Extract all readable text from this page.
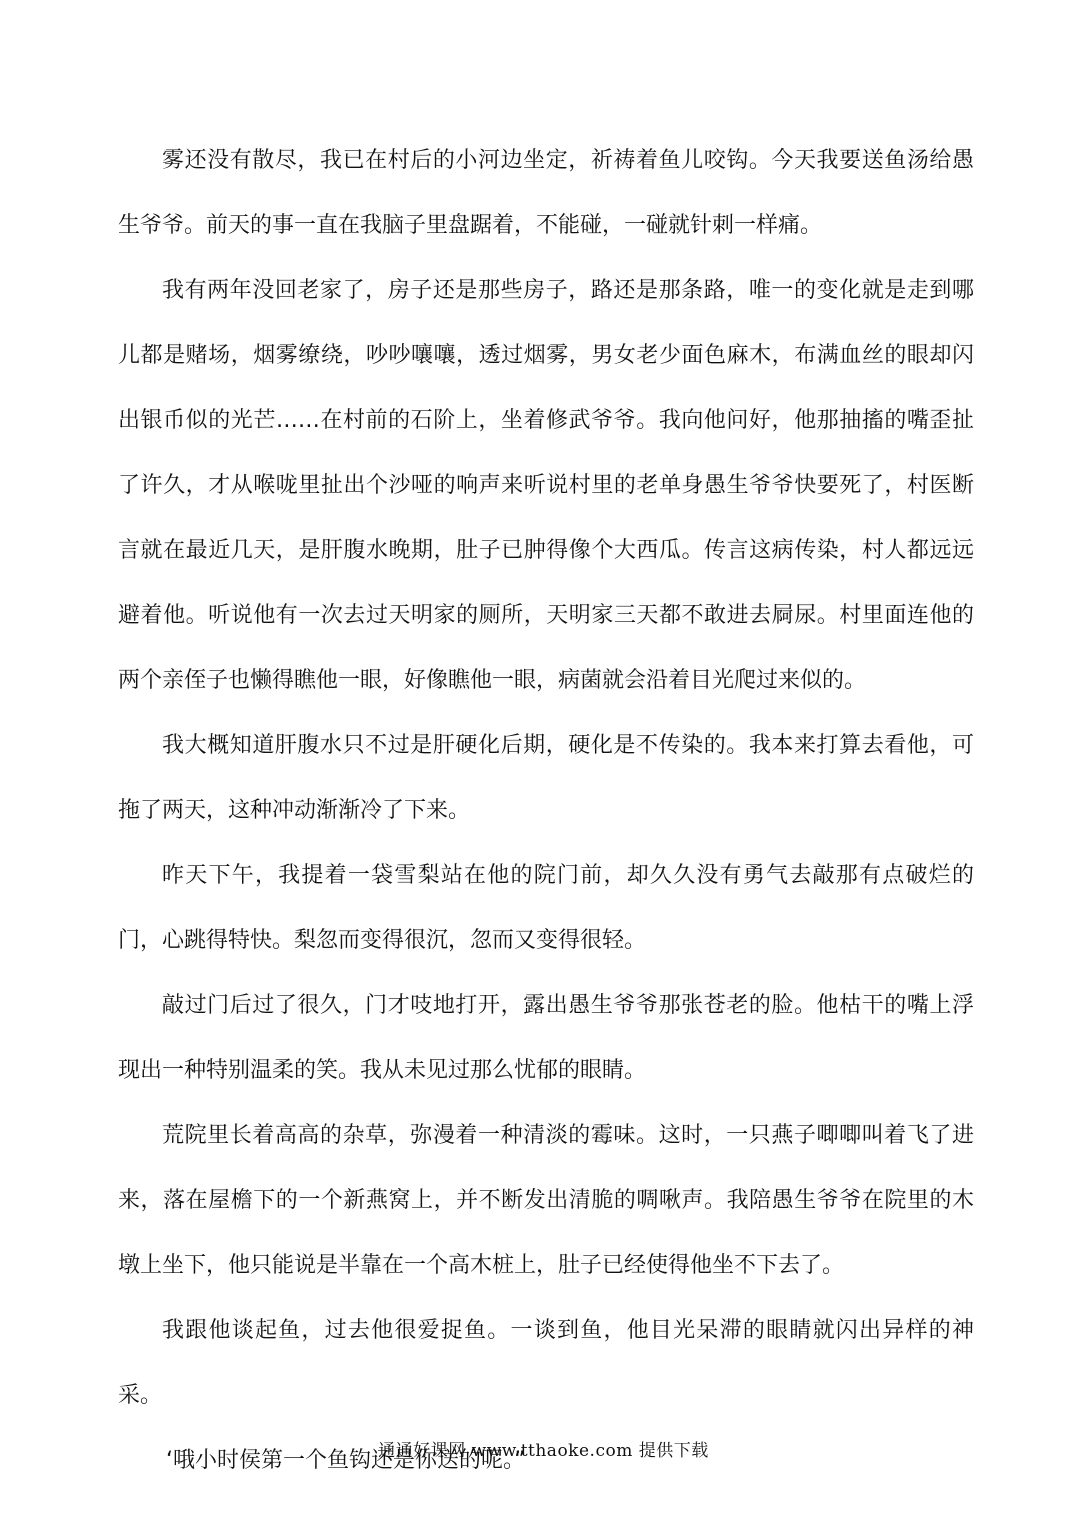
雾还没有散尽，我已在村后的小河边坐定，祈祷着鱼儿咬钩。今天我要送鱼汤给愚生爷爷。前天的事一直在我脑子里盘踞着，不能碰，一碰就针刺一样痛。

我有两年没回老家了，房子还是那些房子，路还是那条路，唯一的变化就是走到哪儿都是赌场，烟雾缭绕，吵吵嚷嚷，透过烟雾，男女老少面色麻木，布满血丝的眼却闪出银币似的光芒……在村前的石阶上，坐着修武爷爷。我向他问好，他那抽搐的嘴歪扯了许久，才从喉咙里扯出个沙哑的响声来听说村里的老单身愚生爷爷快要死了，村医断言就在最近几天，是肝腹水晚期，肚子已肿得像个大西瓜。传言这病传染，村人都远远避着他。听说他有一次去过天明家的厕所，天明家三天都不敢进去屙尿。村里面连他的两个亲侄子也懒得瞧他一眼，好像瞧他一眼，病菌就会沿着目光爬过来似的。

我大概知道肝腹水只不过是肝硬化后期，硬化是不传染的。我本来打算去看他，可拖了两天，这种冲动渐渐冷了下来。

昨天下午，我提着一袋雪梨站在他的院门前，却久久没有勇气去敲那有点破烂的门，心跳得特快。梨忽而变得很沉，忽而又变得很轻。

敲过门后过了很久，门才吱地打开，露出愚生爷爷那张苍老的脸。他枯干的嘴上浮现出一种特别温柔的笑。我从未见过那么忧郁的眼睛。

荒院里长着高高的杂草，弥漫着一种清淡的霉味。这时，一只燕子唧唧叫着飞了进来，落在屋檐下的一个新燕窝上，并不断发出清脆的啁啾声。我陪愚生爷爷在院里的木墩上坐下，他只能说是半靠在一个高木桩上，肚子已经使得他坐不下去了。

我跟他谈起鱼，过去他很爱捉鱼。一谈到鱼，他目光呆滞的眼睛就闪出异样的神采。

‘哦小时侯第一个鱼钩还是你送的呢。”

通通好课网 www.tthaoke.com 提供下载
